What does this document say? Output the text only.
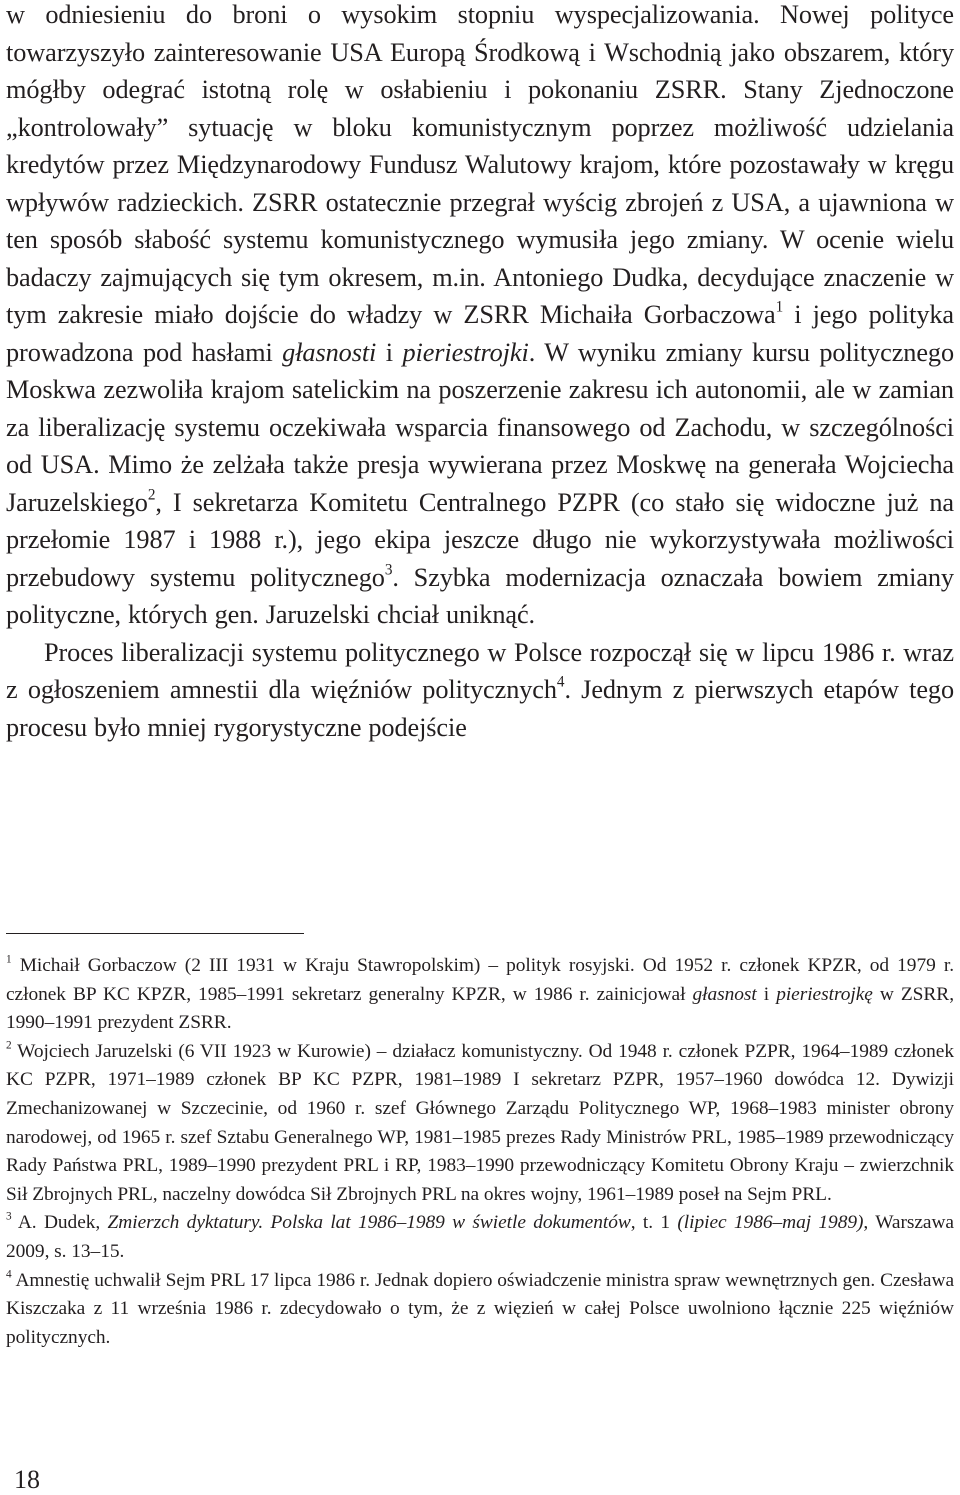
w odniesieniu do broni o wysokim stopniu wyspecjalizowania. Nowej polityce towarzyszyło zainteresowanie USA Europą Środkową i Wschodnią jako obszarem, który mógłby odegrać istotną rolę w osłabieniu i pokonaniu ZSRR. Stany Zjednoczone „kontrolowały” sytuację w bloku komunistycznym poprzez możliwość udzielania kredytów przez Międzynarodowy Fundusz Walutowy krajom, które pozostawały w kręgu wpływów radzieckich. ZSRR ostatecznie przegrał wyścig zbrojeń z USA, a ujawniona w ten sposób słabość systemu komunistycznego wymusiła jego zmiany. W ocenie wielu badaczy zajmujących się tym okresem, m.in. Antoniego Dudka, decydujące znaczenie w tym zakresie miało dojście do władzy w ZSRR Michaiła Gorbaczowa$^1$ i jego polityka prowadzona pod hasłami głasnosti i pieriestrojki. W wyniku zmiany kursu politycznego Moskwa zezwoliła krajom satelickim na poszerzenie zakresu ich autonomii, ale w zamian za liberalizację systemu oczekiwała wsparcia finansowego od Zachodu, w szczególności od USA. Mimo że zelżała także presja wywierana przez Moskwę na generała Wojciecha Jaruzelskiego$^2$, I sekretarza Komitetu Centralnego PZPR (co stało się widoczne już na przełomie 1987 i 1988 r.), jego ekipa jeszcze długo nie wykorzystywała możliwości przebudowy systemu politycznego$^3$. Szybka modernizacja oznaczała bowiem zmiany polityczne, których gen. Jaruzelski chciał uniknąć.

Proces liberalizacji systemu politycznego w Polsce rozpoczął się w lipcu 1986 r. wraz z ogłoszeniem amnestii dla więźniów politycznych$^4$. Jednym z pierwszych etapów tego procesu było mniej rygorystyczne podejście

$^1$ Michaił Gorbaczow (2 III 1931 w Kraju Stawropolskim) – polityk rosyjski. Od 1952 r. członek KPZR, od 1979 r. członek BP KC KPZR, 1985–1991 sekretarz generalny KPZR, w 1986 r. zainicjował głasnost i pieriestrojkę w ZSRR, 1990–1991 prezydent ZSRR.

$^2$ Wojciech Jaruzelski (6 VII 1923 w Kurowie) – działacz komunistyczny. Od 1948 r. członek PZPR, 1964–1989 członek KC PZPR, 1971–1989 członek BP KC PZPR, 1981–1989 I sekretarz PZPR, 1957–1960 dowódca 12. Dywizji Zmechanizowanej w Szczecinie, od 1960 r. szef Głównego Zarządu Politycznego WP, 1968–1983 minister obrony narodowej, od 1965 r. szef Sztabu Generalnego WP, 1981–1985 prezes Rady Ministrów PRL, 1985–1989 przewodniczący Rady Państwa PRL, 1989–1990 prezydent PRL i RP, 1983–1990 przewodniczący Komitetu Obrony Kraju – zwierzchnik Sił Zbrojnych PRL, naczelny dowódca Sił Zbrojnych PRL na okres wojny, 1961–1989 poseł na Sejm PRL.

$^3$ A. Dudek, Zmierzch dyktatury. Polska lat 1986–1989 w świetle dokumentów, t. 1 (lipiec 1986–maj 1989), Warszawa 2009, s. 13–15.

$^4$ Amnestię uchwalił Sejm PRL 17 lipca 1986 r. Jednak dopiero oświadczenie ministra spraw wewnętrznych gen. Czesława Kiszczaka z 11 września 1986 r. zdecydowało o tym, że z więzień w całej Polsce uwolniono łącznie 225 więźniów politycznych.

18
